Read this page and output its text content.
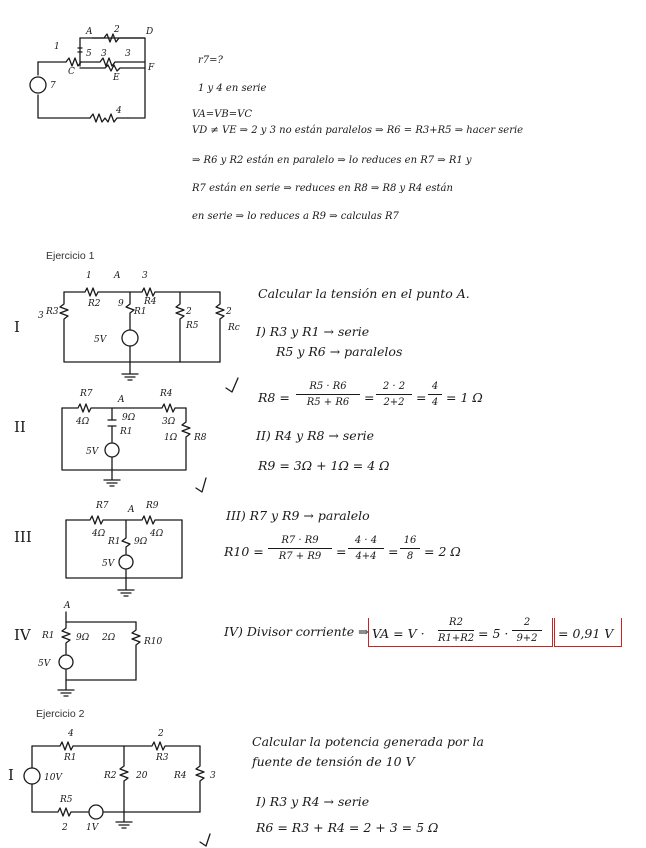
1
A 2	D
5 3 3
C	F
E
4
7
r7=?
1 y 4 en serie
VA=VB=VC
VD ≠ VE ⇒ 2 y 3 no están paralelos ⇒ R6 = R3+R5 ⇒ hacer serie
⇒ R6 y R2 están en paralelo ⇒ lo reduces en R7 ⇒ R1 y
R7 están en serie ⇒ reduces en R8 ⇒ R8 y R4 están
en serie ⇒ lo reduces a R9 ⇒ calculas R7
Ejercicio 1
Calcular la tensión en el punto A.
I
II
III
IV
1 A 3
3 R3
R2	R4
R1
9
5V
2
R5
2
Rc I) R3 y R1 → serie
R5 y R6 → paralelos
R8 =
R5 · R6
R5 + R6	=
2 · 2
2+2 =
4
4 = 1 Ω
R7
A
R4
4Ω	9Ω	3Ω
R1
5V
1Ω R8	II) R4 y R8 → serie
R9 = 3Ω + 1Ω = 4 Ω
R7 A R9
4Ω
9Ω
4Ω
R1
5V
III) R7 y R9 → paralelo
R10 =
R7 · R9
R7 + R9	=
4 · 4
4+4 =
16
8 = 2 Ω
A
R1 9Ω 2Ω	R10
5V
IV) Divisor corriente ⇒ VA = V ·
R2
R1+R2 = 5 ·
2
9+2	= 0,91 V
Ejercicio 2
I
4
R1
2
R3
10V	R2 20	R4	3
R5
2 1V
Calcular la potencia generada por la
fuente de tensión de 10 V
I) R3 y R4 → serie
R6 = R3 + R4 = 2 + 3 = 5 Ω
